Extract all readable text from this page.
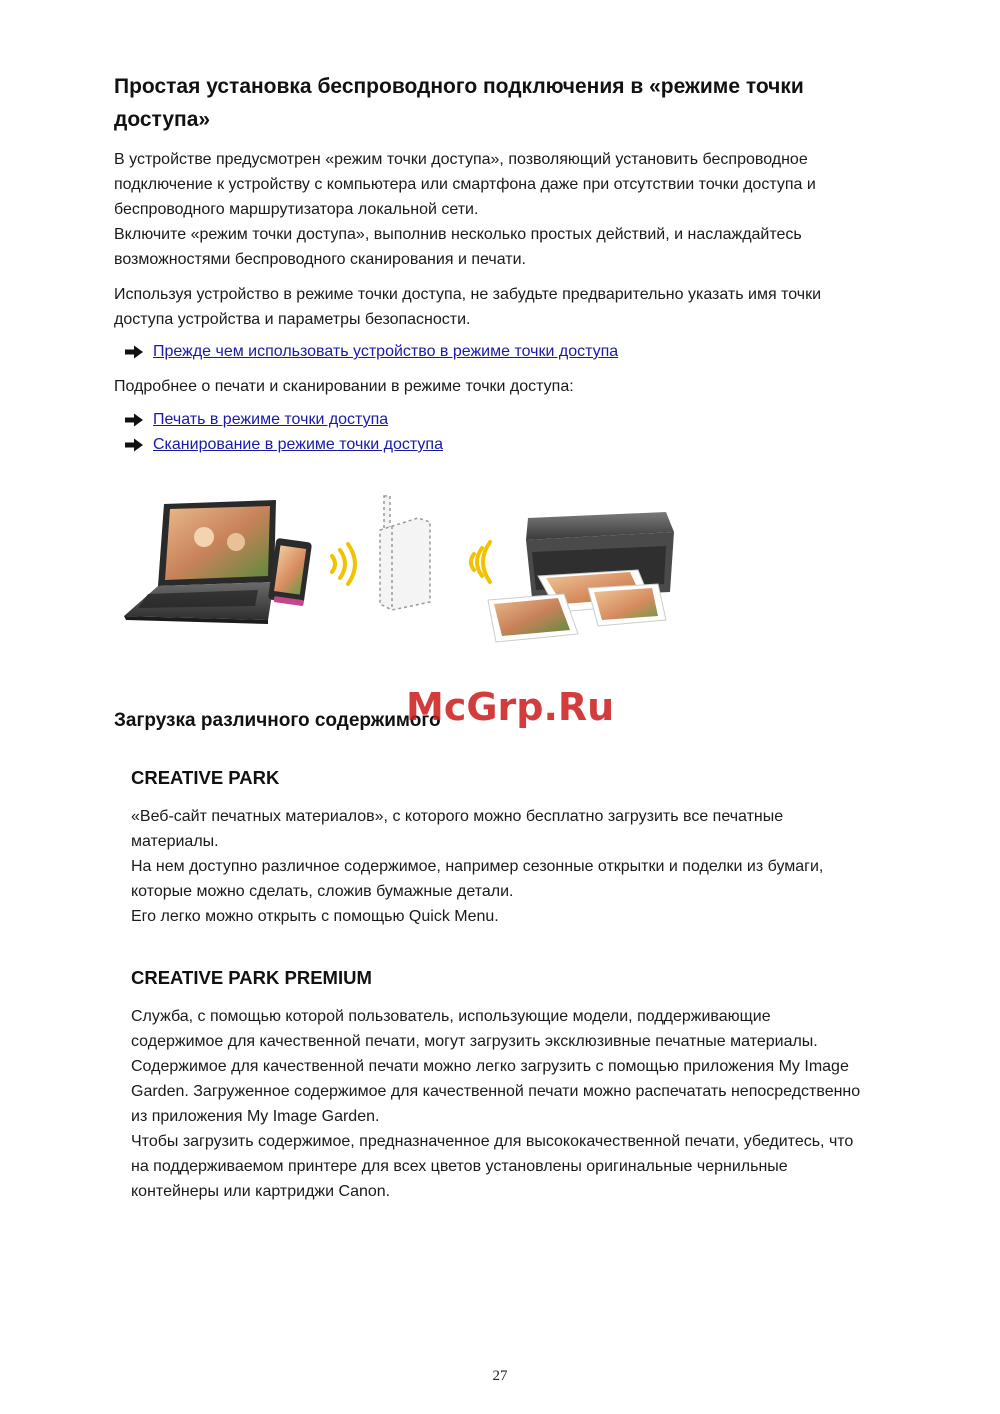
Простая установка беспроводного подключения в «режиме точки доступа»

В устройстве предусмотрен «режим точки доступа», позволяющий установить беспроводное
подключение к устройству с компьютера или смартфона даже при отсутствии точки доступа и
беспроводного маршрутизатора локальной сети.
Включите «режим точки доступа», выполнив несколько простых действий, и наслаждайтесь
возможностями беспроводного сканирования и печати.

Используя устройство в режиме точки доступа, не забудьте предварительно указать имя точки
доступа устройства и параметры безопасности.

Прежде чем использовать устройство в режиме точки доступа

Подробнее о печати и сканировании в режиме точки доступа:

Печать в режиме точки доступа
Сканирование в режиме точки доступа
Загрузка различного содержимого
McGrp.Ru
CREATIVE PARK

«Веб-сайт печатных материалов», с которого можно бесплатно загрузить все печатные
материалы.
На нем доступно различное содержимое, например сезонные открытки и поделки из бумаги,
которые можно сделать, сложив бумажные детали.
Его легко можно открыть с помощью Quick Menu.

CREATIVE PARK PREMIUM

Служба, с помощью которой пользователь, использующие модели, поддерживающие
содержимое для качественной печати, могут загрузить эксклюзивные печатные материалы.
Содержимое для качественной печати можно легко загрузить с помощью приложения My Image
Garden. Загруженное содержимое для качественной печати можно распечатать непосредственно
из приложения My Image Garden.
Чтобы загрузить содержимое, предназначенное для высококачественной печати, убедитесь, что
на поддерживаемом принтере для всех цветов установлены оригинальные чернильные
контейнеры или картриджи Canon.

27
